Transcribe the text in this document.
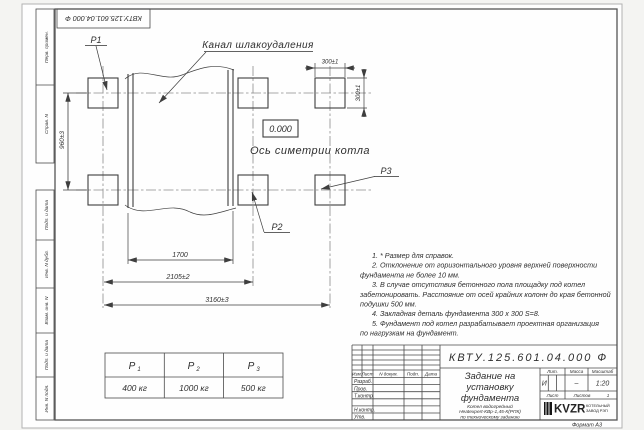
КВТУ.125.601.04.000 Ф
Перв. примен.
Справ. N
Подп. и дата
Инв. N дубл.
Взам. инв. N
Подп. и дата
Инв. N подл.
960±3
300±1
300±1
1700
2105±2
3160±3
P1	Канал шлакоудаления
P2
P3
0.000
Ось симетрии котла
1. * Размер для справок.
2. Отклонение от горизонтального уровня верхней поверхности
фундамента не более 10 мм.
3. В случае отсутствия бетонного пола площадку под котел
забетонировать. Расстояние от осей крайних колонн до края бетонной
подушки 500 мм.
4. Закладная деталь фундамента 300 х 300 S=8.
5. Фундамент под котел разрабатывает проектная организация
по нагрузкам на фундамент.
P 1	P 2	P 3
400 кг	1000 кг	500 кг
КВТУ.125.601.04.000 Ф
Изм. Лист N докум. Подп. Дата
Разраб.
Пров.
Т.контр.
Н.контр.
Утв.
Задание на
установку
фундамента
Котел водогрейный
Heatexpert-КВр-1,45-К(РПК)
по техническому заданию
Лит.	Масса Масштаб
И	– 1:20
Лист	Листов	1
KVZR КОТЕЛЬНЫЙ
ЗАВОД РЭП
Формат А3
